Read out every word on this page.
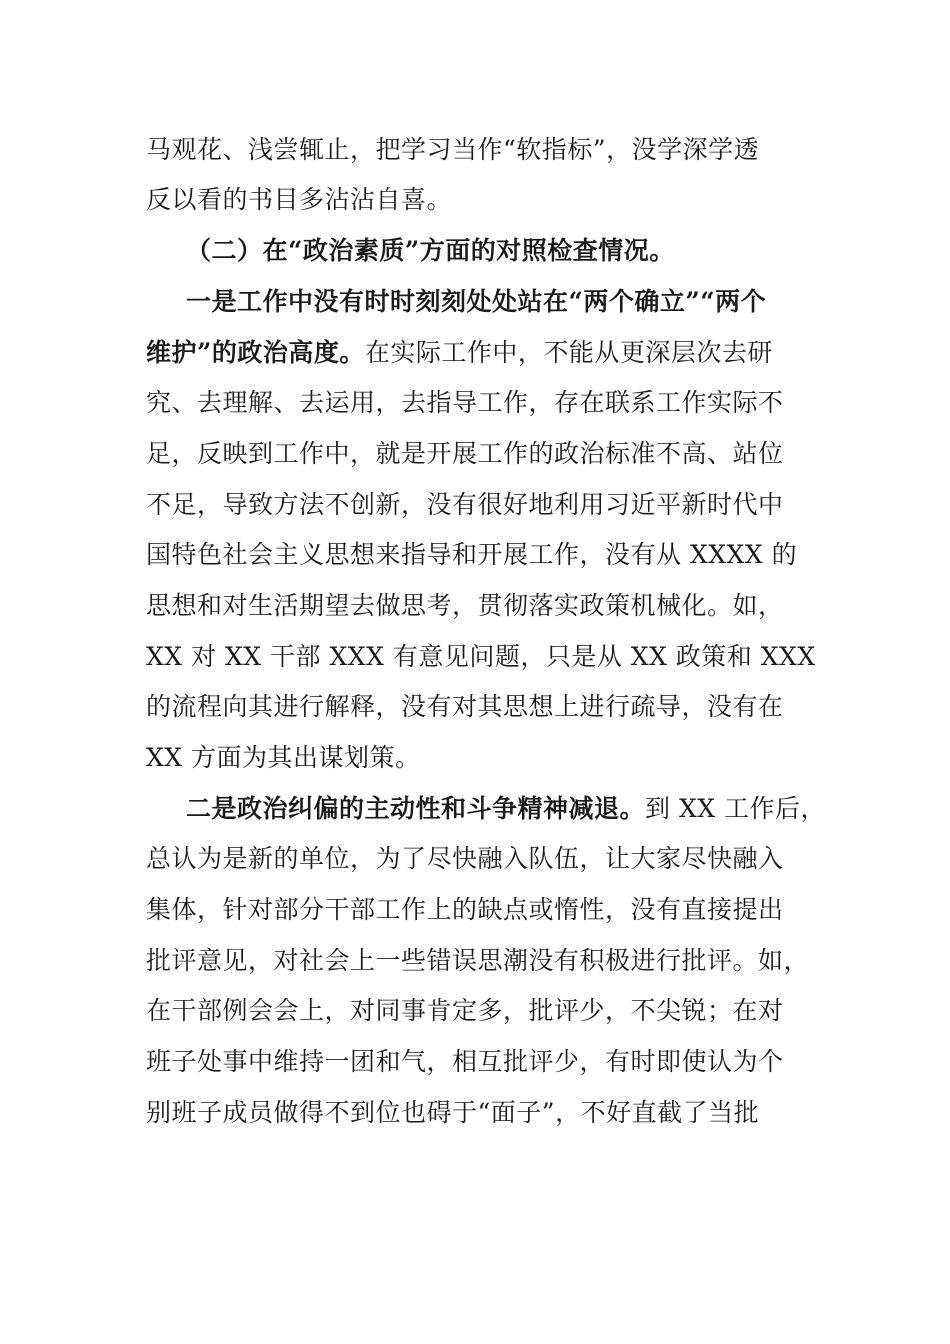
马观花、浅尝辄止，把学习当作“软指标”，没学深学透
反以看的书目多沾沾自喜。
（二）在“政治素质”方面的对照检查情况。
一是工作中没有时时刻刻处处站在“两个确立”“两个
维护”的政治高度。在实际工作中，不能从更深层次去研
究、去理解、去运用，去指导工作，存在联系工作实际不
足，反映到工作中，就是开展工作的政治标准不高、站位
不足，导致方法不创新，没有很好地利用习近平新时代中
国特色社会主义思想来指导和开展工作，没有从 XXXX 的
思想和对生活期望去做思考，贯彻落实政策机械化。如，
XX 对 XX 干部 XXX 有意见问题，只是从 XX 政策和 XXX
的流程向其进行解释，没有对其思想上进行疏导，没有在
XX 方面为其出谋划策。
二是政治纠偏的主动性和斗争精神减退。到 XX 工作后，
总认为是新的单位，为了尽快融入队伍，让大家尽快融入
集体，针对部分干部工作上的缺点或惰性，没有直接提出
批评意见，对社会上一些错误思潮没有积极进行批评。如，
在干部例会会上，对同事肯定多，批评少，不尖锐；在对
班子处事中维持一团和气，相互批评少，有时即使认为个
别班子成员做得不到位也碍于“面子”，不好直截了当批
